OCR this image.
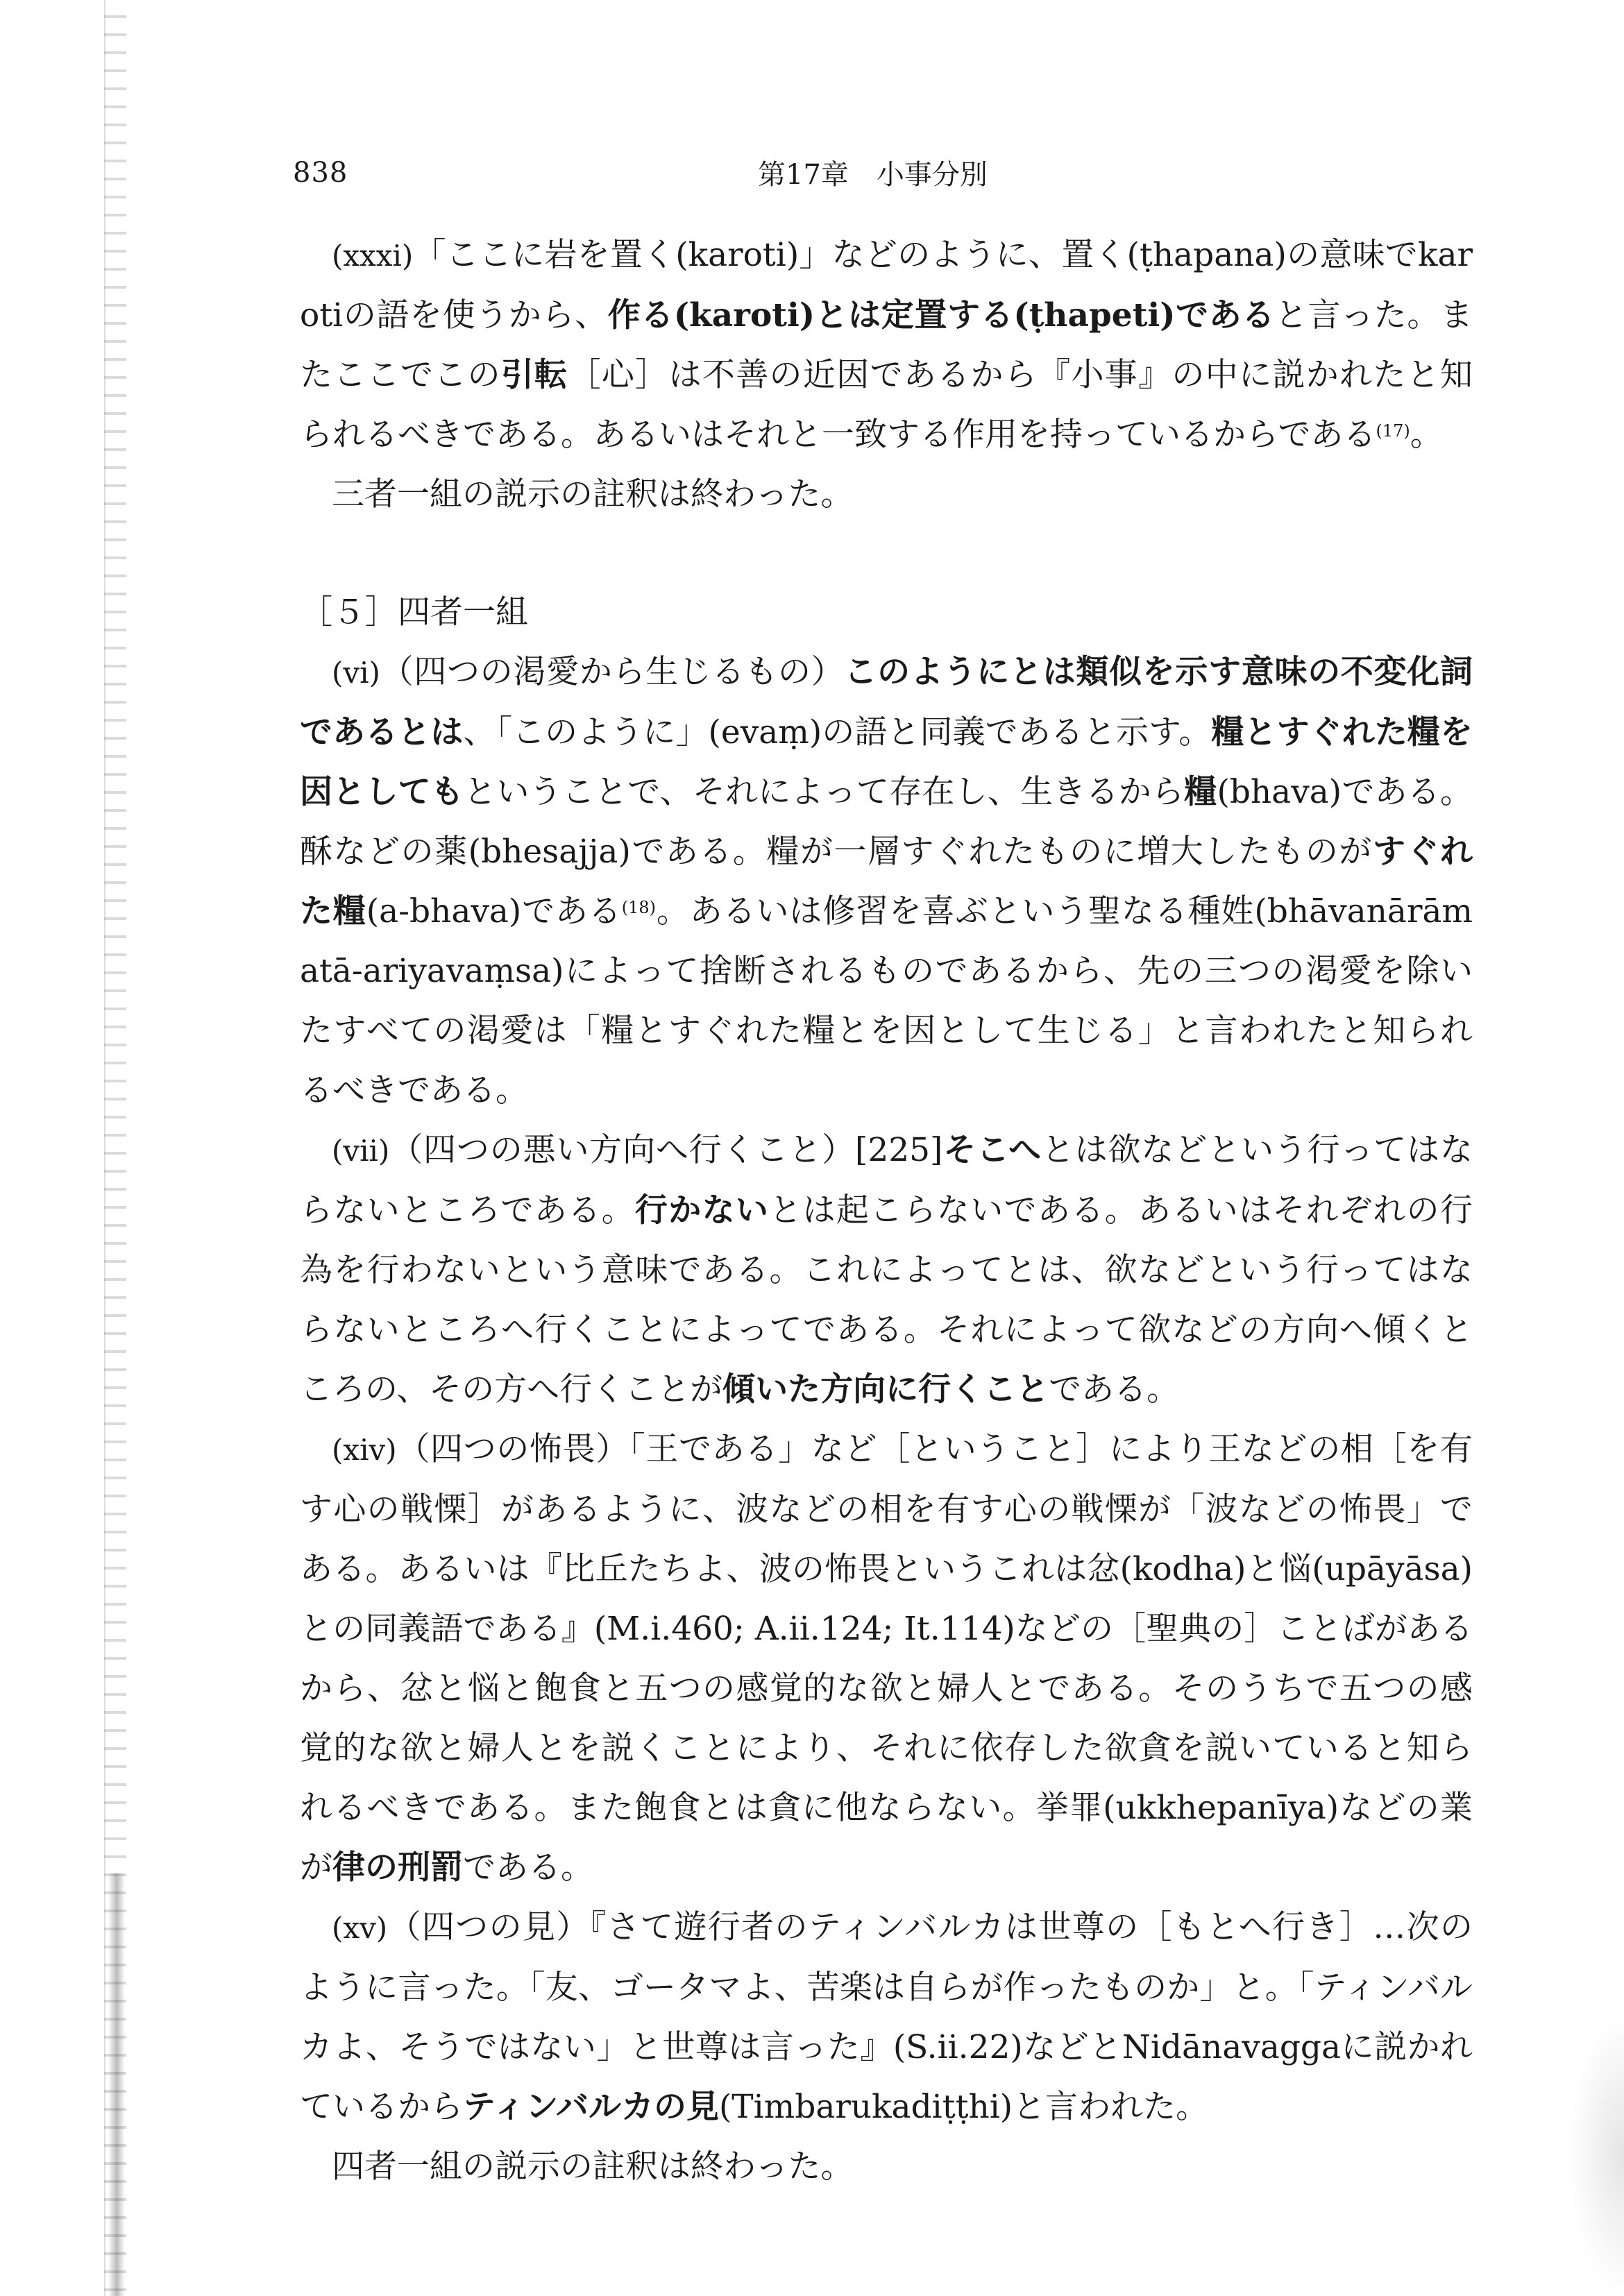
838	第17章　小事分別

(xxxi)「ここに岩を置く(karoti)」などのように、置く(ṭhapana)の意味でkarotiの語を使うから、作る(karoti)とは定置する(ṭhapeti)であると言った。またここでこの引転［心］は不善の近因であるから『小事』の中に説かれたと知られるべきである。あるいはそれと一致する作用を持っているからである$^{(17)}$。

三者一組の説示の註釈は終わった。

［５］四者一組

(vi)（四つの渇愛から生じるもの）このようにとは類似を示す意味の不変化詞であるとは、「このように」(evaṃ)の語と同義であると示す。糧とすぐれた糧を因としてもということで、それによって存在し、生きるから糧(bhava)である。酥などの薬(bhesajja)である。糧が一層すぐれたものに増大したものがすぐれた糧(a-bhava)である$^{(18)}$。あるいは修習を喜ぶという聖なる種姓(bhāvanārāmatā-ariyavaṃsa)によって捨断されるものであるから、先の三つの渇愛を除いたすべての渇愛は「糧とすぐれた糧とを因として生じる」と言われたと知られるべきである。

(vii)（四つの悪い方向へ行くこと）[225]そこへとは欲などという行ってはならないところである。行かないとは起こらないである。あるいはそれぞれの行為を行わないという意味である。これによってとは、欲などという行ってはならないところへ行くことによってである。それによって欲などの方向へ傾くところの、その方へ行くことが傾いた方向に行くことである。

(xiv)（四つの怖畏）「王である」など［ということ］により王などの相［を有す心の戦慄］があるように、波などの相を有す心の戦慄が「波などの怖畏」である。あるいは『比丘たちよ、波の怖畏というこれは忿(kodha)と悩(upāyāsa)との同義語である』(M.i.460; A.ii.124; It.114)などの［聖典の］ことばがあるから、忿と悩と飽食と五つの感覚的な欲と婦人とである。そのうちで五つの感覚的な欲と婦人とを説くことにより、それに依存した欲貪を説いていると知られるべきである。また飽食とは貪に他ならない。挙罪(ukkhepanīya)などの業が律の刑罰である。

(xv)（四つの見）『さて遊行者のティンバルカは世尊の［もとへ行き］…次のように言った。「友、ゴータマよ、苦楽は自らが作ったものか」と。「ティンバルカよ、そうではない」と世尊は言った』(S.ii.22)などとNidānavaggaに説かれているからティンバルカの見(Timbarukadiṭṭhi)と言われた。

四者一組の説示の註釈は終わった。
